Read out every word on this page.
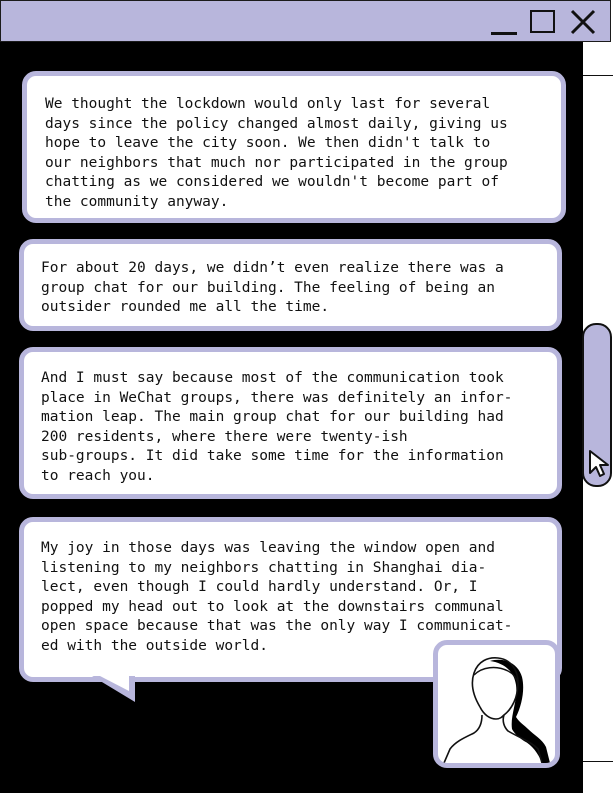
We thought the lockdown would only last for several
days since the policy changed almost daily, giving us
hope to leave the city soon. We then didn't talk to
our neighbors that much nor participated in the group
chatting as we considered we wouldn't become part of
the community anyway.

For about 20 days, we didn’t even realize there was a
group chat for our building. The feeling of being an
outsider rounded me all the time.

And I must say because most of the communication took
place in WeChat groups, there was definitely an infor-
mation leap. The main group chat for our building had
200 residents, where there were twenty-ish
sub-groups. It did take some time for the information
to reach you.

My joy in those days was leaving the window open and
listening to my neighbors chatting in Shanghai dia-
lect, even though I could hardly understand. Or, I
popped my head out to look at the downstairs communal
open space because that was the only way I communicat-
ed with the outside world.
